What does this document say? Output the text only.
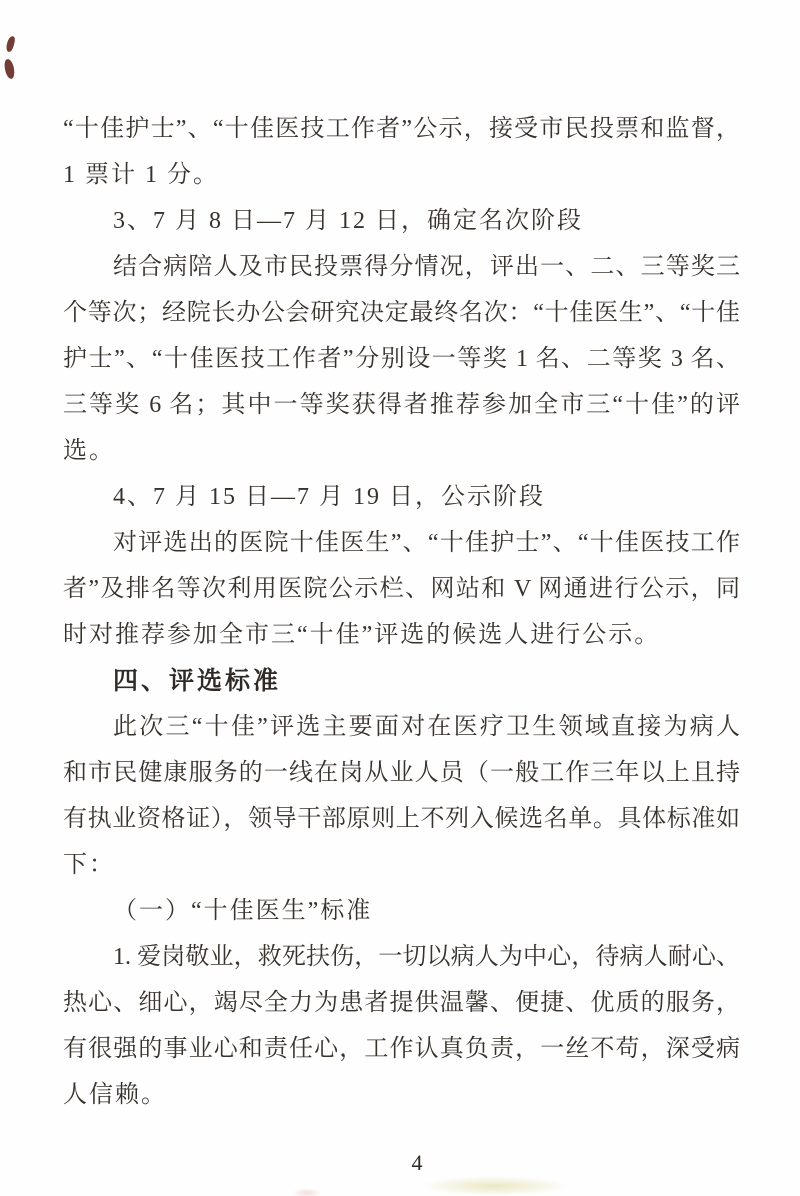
“十佳护士”、“十佳医技工作者”公示，接受市民投票和监督，
1 票计 1 分。
3、7 月 8 日—7 月 12 日，确定名次阶段
结合病陪人及市民投票得分情况，评出一、二、三等奖三
个等次；经院长办公会研究决定最终名次：“十佳医生”、“十佳
护士”、“十佳医技工作者”分别设一等奖 1 名、二等奖 3 名、
三等奖 6 名；其中一等奖获得者推荐参加全市三“十佳”的评
选。
4、7 月 15 日—7 月 19 日，公示阶段
对评选出的医院十佳医生”、“十佳护士”、“十佳医技工作
者”及排名等次利用医院公示栏、网站和 V 网通进行公示，同
时对推荐参加全市三“十佳”评选的候选人进行公示。
四、评选标准
此次三“十佳”评选主要面对在医疗卫生领域直接为病人
和市民健康服务的一线在岗从业人员（一般工作三年以上且持
有执业资格证），领导干部原则上不列入候选名单。具体标准如
下：
（一）“十佳医生”标准
1. 爱岗敬业，救死扶伤，一切以病人为中心，待病人耐心、
热心、细心，竭尽全力为患者提供温馨、便捷、优质的服务，
有很强的事业心和责任心，工作认真负责，一丝不苟，深受病
人信赖。
4
